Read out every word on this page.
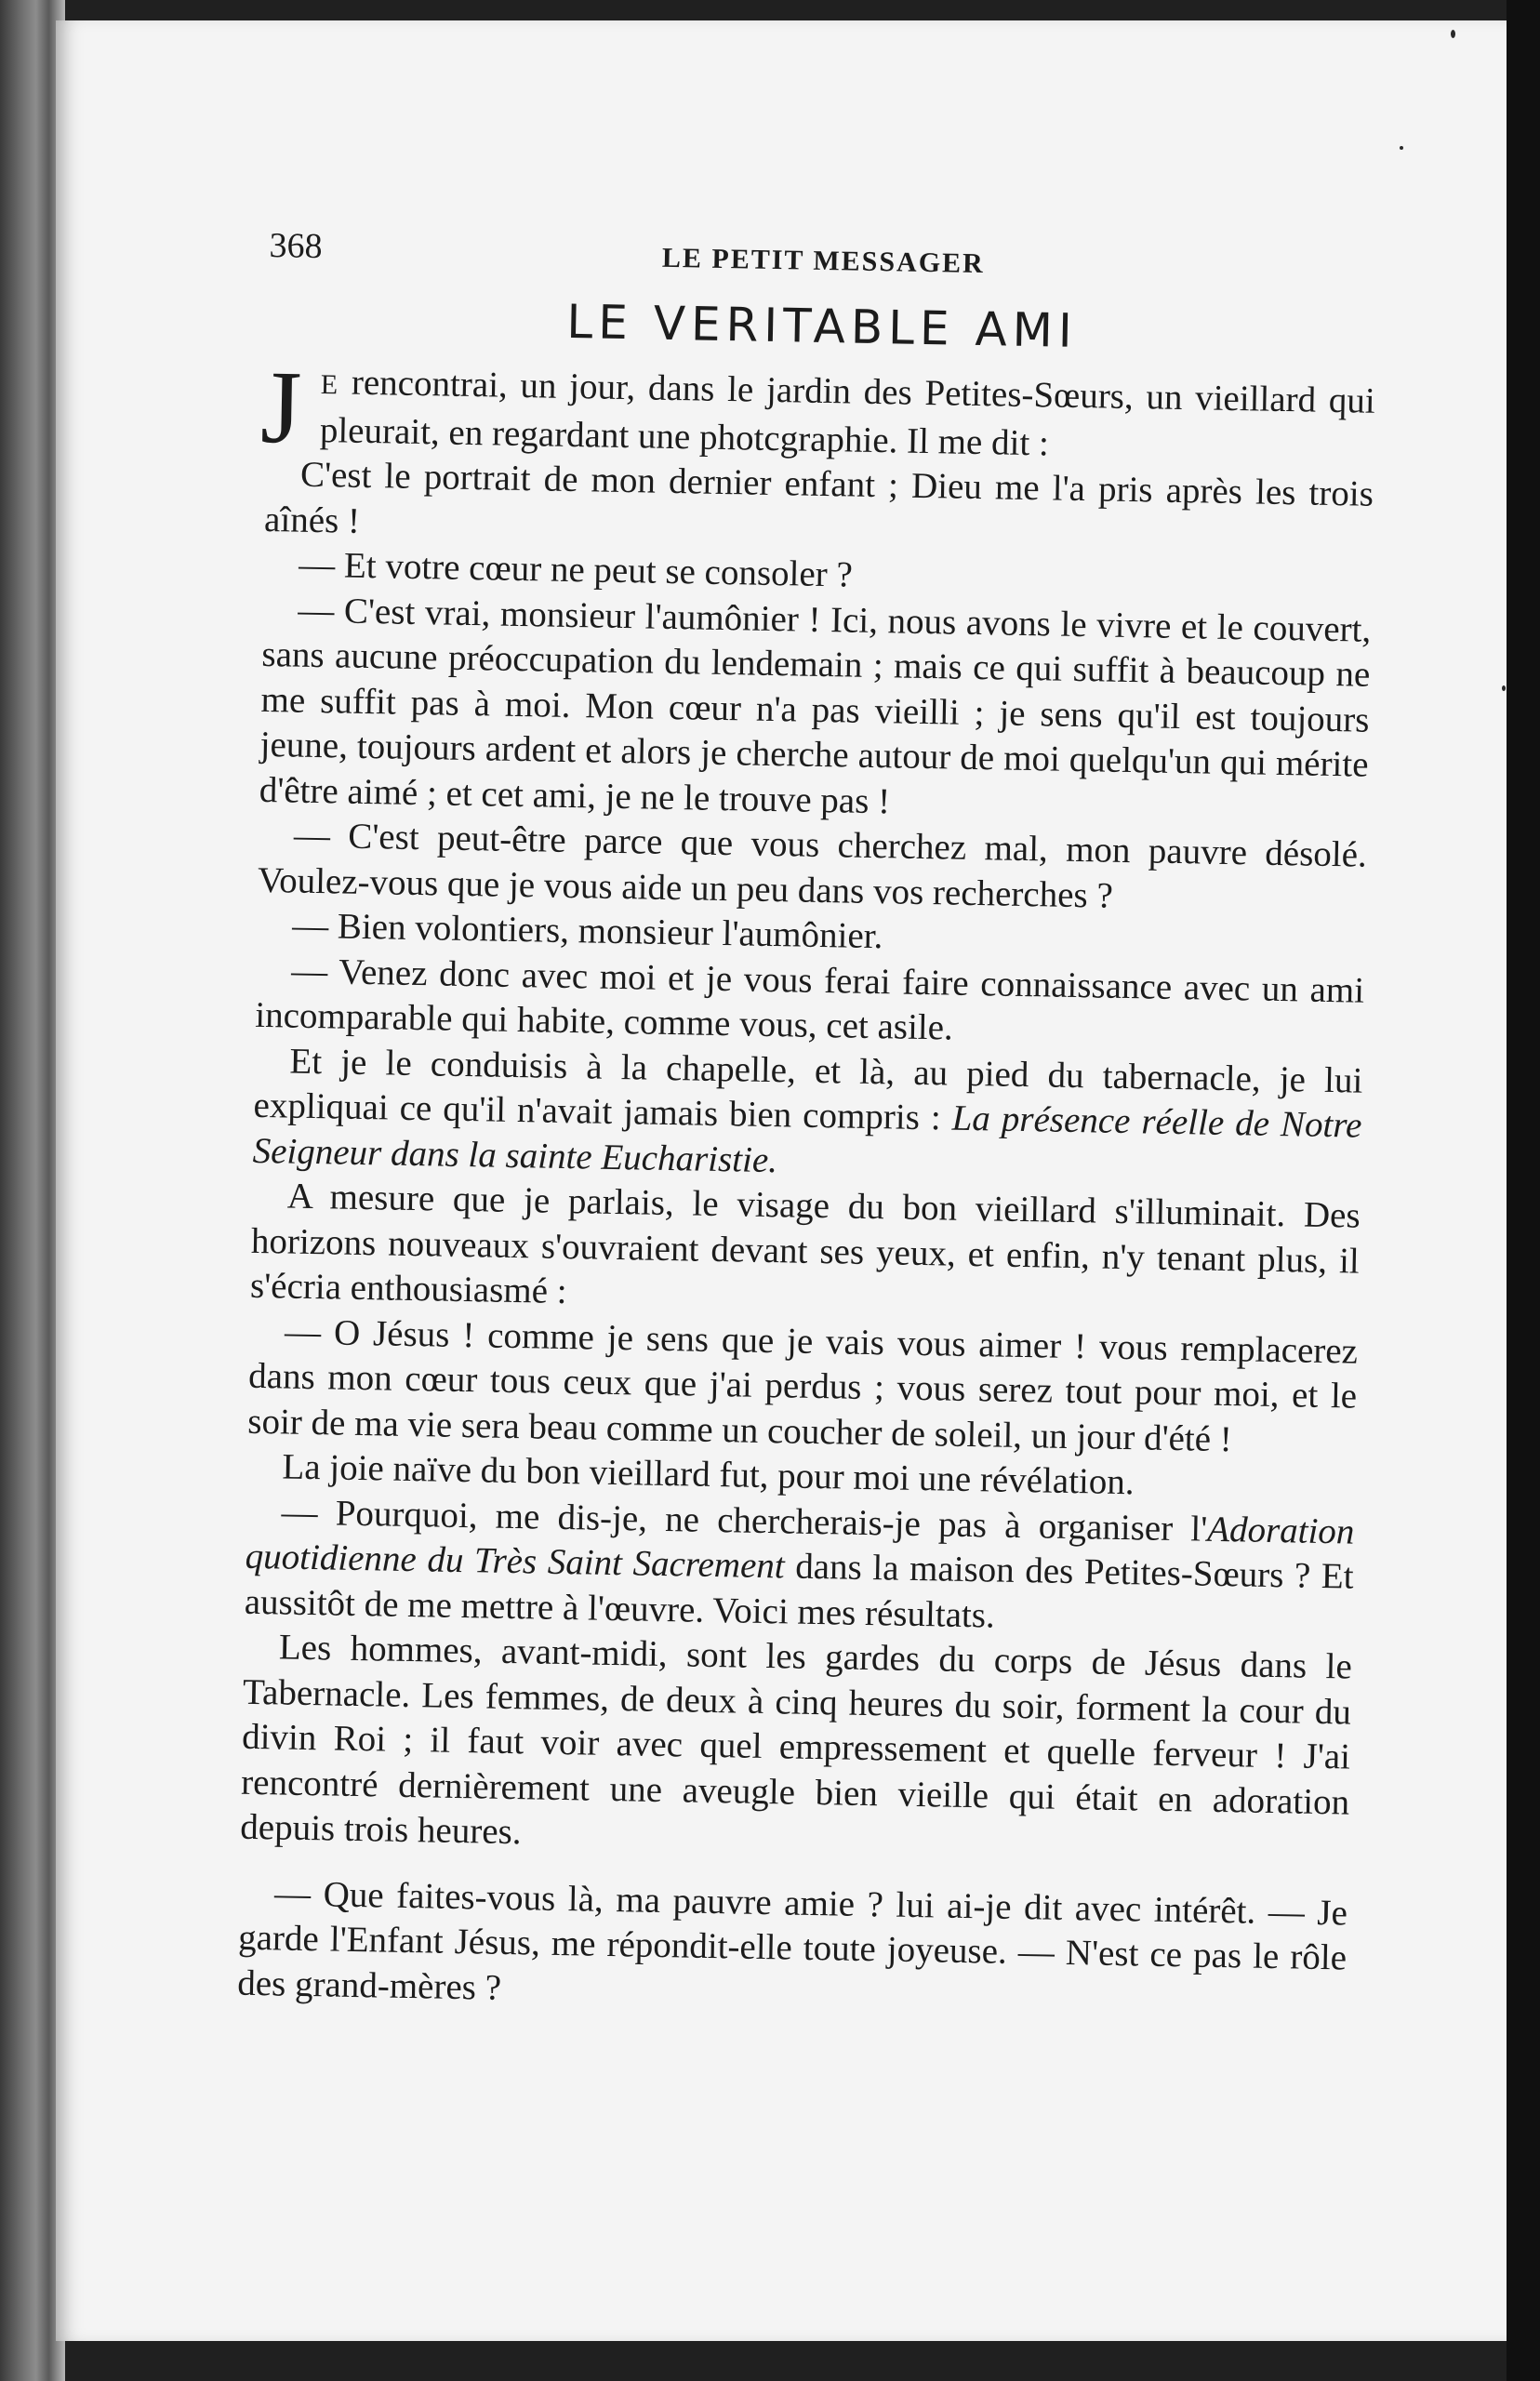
368	LE PETIT MESSAGER
LE VERITABLE AMI

J E rencontrai, un jour, dans le jardin des Petites-Sœurs, un vieillard qui pleurait, en regardant une photcgraphie. Il me dit :

C'est le portrait de mon dernier enfant ; Dieu me l'a pris après les trois aînés !

— Et votre cœur ne peut se consoler ?

— C'est vrai, monsieur l'aumônier ! Ici, nous avons le vivre et le couvert, sans aucune préoccupation du lendemain ; mais ce qui suffit à beaucoup ne me suffit pas à moi. Mon cœur n'a pas vieilli ; je sens qu'il est toujours jeune, toujours ardent et alors je cherche autour de moi quelqu'un qui mérite d'être aimé ; et cet ami, je ne le trouve pas !

— C'est peut-être parce que vous cherchez mal, mon pauvre désolé. Voulez-vous que je vous aide un peu dans vos recherches ?

— Bien volontiers, monsieur l'aumônier.

— Venez donc avec moi et je vous ferai faire connaissance avec un ami incomparable qui habite, comme vous, cet asile.

Et je le conduisis à la chapelle, et là, au pied du tabernacle, je lui expliquai ce qu'il n'avait jamais bien compris : La présence réelle de Notre Seigneur dans la sainte Eucharistie.

A mesure que je parlais, le visage du bon vieillard s'illuminait. Des horizons nouveaux s'ouvraient devant ses yeux, et enfin, n'y tenant plus, il s'écria enthousiasmé :

— O Jésus ! comme je sens que je vais vous aimer ! vous remplacerez dans mon cœur tous ceux que j'ai perdus ; vous serez tout pour moi, et le soir de ma vie sera beau comme un coucher de soleil, un jour d'été !

La joie naïve du bon vieillard fut, pour moi une révélation.

— Pourquoi, me dis-je, ne chercherais-je pas à organiser l'Adoration quotidienne du Très Saint Sacrement dans la maison des Petites-Sœurs ? Et aussitôt de me mettre à l'œuvre. Voici mes résultats.

Les hommes, avant-midi, sont les gardes du corps de Jésus dans le Tabernacle. Les femmes, de deux à cinq heures du soir, forment la cour du divin Roi ; il faut voir avec quel empressement et quelle ferveur ! J'ai rencontré dernièrement une aveugle bien vieille qui était en adoration depuis trois heures.

— Que faites-vous là, ma pauvre amie ? lui ai-je dit avec intérêt. — Je garde l'Enfant Jésus, me répondit-elle toute joyeuse. — N'est ce pas le rôle des grand-mères ?
